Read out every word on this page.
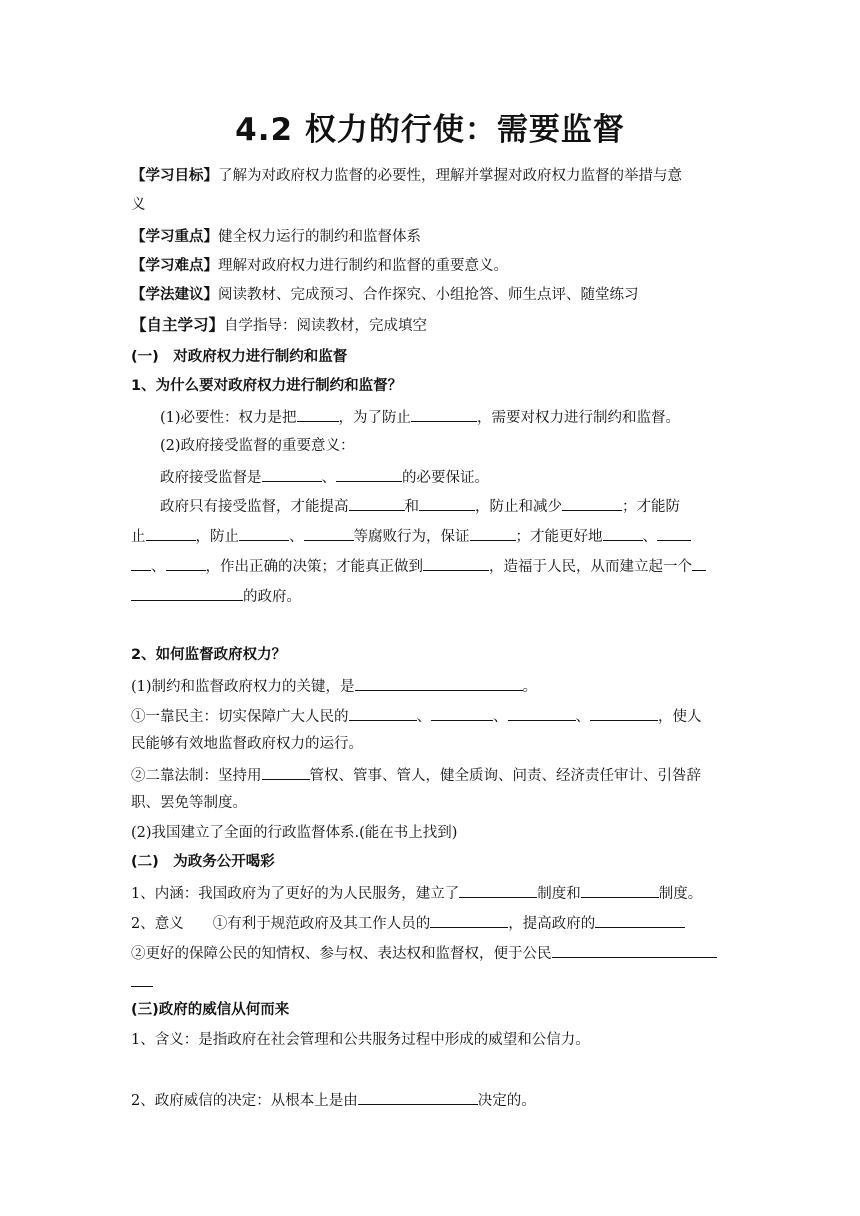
4.2 权力的行使：需要监督
【学习目标】了解为对政府权力监督的必要性，理解并掌握对政府权力监督的举措与意
义
【学习重点】健全权力运行的制约和监督体系
【学习难点】理解对政府权力进行制约和监督的重要意义。
【学法建议】阅读教材、完成预习、合作探究、小组抢答、师生点评、随堂练习
【自主学习】自学指导：阅读教材，完成填空
(一)　对政府权力进行制约和监督
1、为什么要对政府权力进行制约和监督？
(1)必要性：权力是把	，为了防止	，需要对权力进行制约和监督。
(2)政府接受监督的重要意义：
政府接受监督是	、	的必要保证。
政府只有接受监督，才能提高	和	，防止和减少	；才能防
止	，防止	、	等腐败行为，保证	；才能更好地	、
、	，作出正确的决策；才能真正做到	，造福于人民，从而建立起一个
的政府。
2、如何监督政府权力？
(1)制约和监督政府权力的关键，是	。
①一靠民主：切实保障广大人民的	、	、	、	，使人
民能够有效地监督政府权力的运行。
②二靠法制：坚持用	管权、管事、管人，健全质询、问责、经济责任审计、引咎辞
职、罢免等制度。
(2)我国建立了全面的行政监督体系.(能在书上找到)
(二)　为政务公开喝彩
1、内涵：我国政府为了更好的为人民服务，建立了	制度和	制度。
2、意义　　①有利于规范政府及其工作人员的	，提高政府的
②更好的保障公民的知情权、参与权、表达权和监督权，便于公民
(三)政府的威信从何而来
1、含义：是指政府在社会管理和公共服务过程中形成的威望和公信力。
2、政府威信的决定：从根本上是由	决定的。
